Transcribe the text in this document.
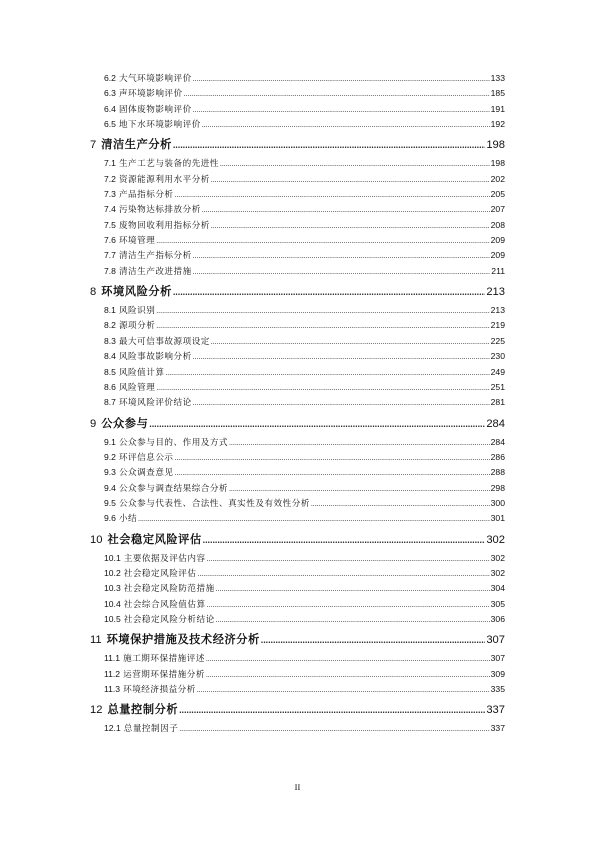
6.2 大气环境影响评价 .....	133
6.3 声环境影响评价 .....	185
6.4 固体废物影响评价 .....	191
6.5 地下水环境影响评价 .....	192
7 清洁生产分析 .....	198
7.1 生产工艺与装备的先进性 .....	198
7.2 资源能源利用水平分析 .....	202
7.3 产品指标分析 .....	205
7.4 污染物达标排放分析 .....	207
7.5 废物回收利用指标分析 .....	208
7.6 环境管理 .....	209
7.7 清洁生产指标分析 .....	209
7.8 清洁生产改进措施 .....	211
8 环境风险分析 .....	213
8.1 风险识别 .....	213
8.2 源项分析 .....	219
8.3 最大可信事故源项设定 .....	225
8.4 风险事故影响分析 .....	230
8.5 风险值计算 .....	249
8.6 风险管理 .....	251
8.7 环境风险评价结论 .....	281
9 公众参与 .....	284
9.1 公众参与目的、作用及方式 .....	284
9.2 环评信息公示 .....	286
9.3 公众调查意见 .....	288
9.4 公众参与调查结果综合分析 .....	298
9.5 公众参与代表性、合法性、真实性及有效性分析 .....	300
9.6 小结 .....	301
10 社会稳定风险评估 .....	302
10.1 主要依据及评估内容 .....	302
10.2 社会稳定风险评估 .....	302
10.3 社会稳定风险防范措施 .....	304
10.4 社会综合风险值估算 .....	305
10.5 社会稳定风险分析结论 .....	306
11 环境保护措施及技术经济分析 .....	307
11.1 施工期环保措施评述 .....	307
11.2 运营期环保措施分析 .....	309
11.3 环境经济损益分析 .....	335
12 总量控制分析 .....	337
12.1 总量控制因子 .....	337
II
